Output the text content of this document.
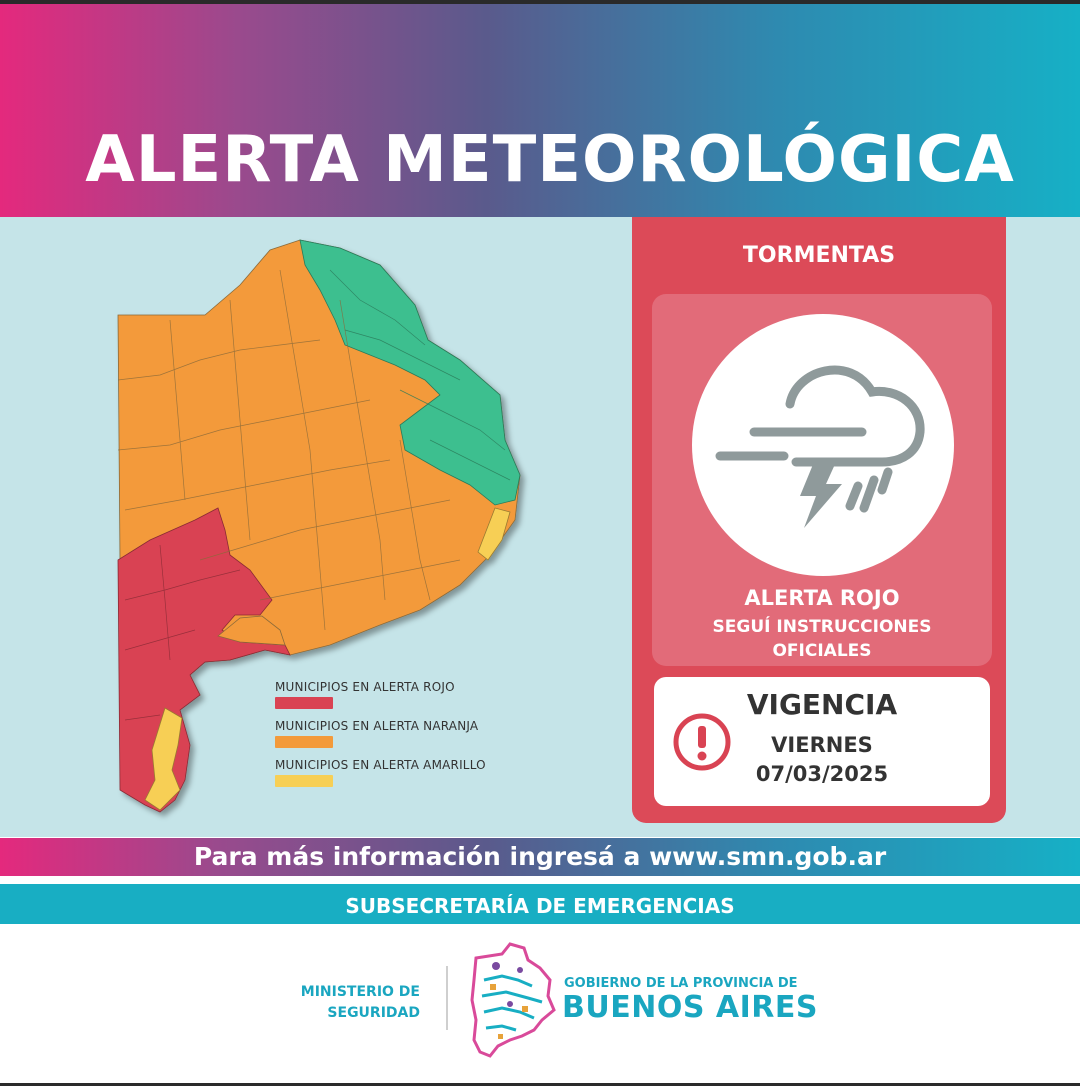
ALERTA METEOROLÓGICA
MUNICIPIOS EN ALERTA ROJO
MUNICIPIOS EN ALERTA NARANJA
MUNICIPIOS EN ALERTA AMARILLO
TORMENTAS
ALERTA ROJO
SEGUÍ INSTRUCCIONES
OFICIALES
VIGENCIA
VIERNES
07/03/2025
Para más información ingresá a www.smn.gob.ar
SUBSECRETARÍA DE EMERGENCIAS
MINISTERIO DE
SEGURIDAD
GOBIERNO DE LA PROVINCIA DE
BUENOS AIRES
